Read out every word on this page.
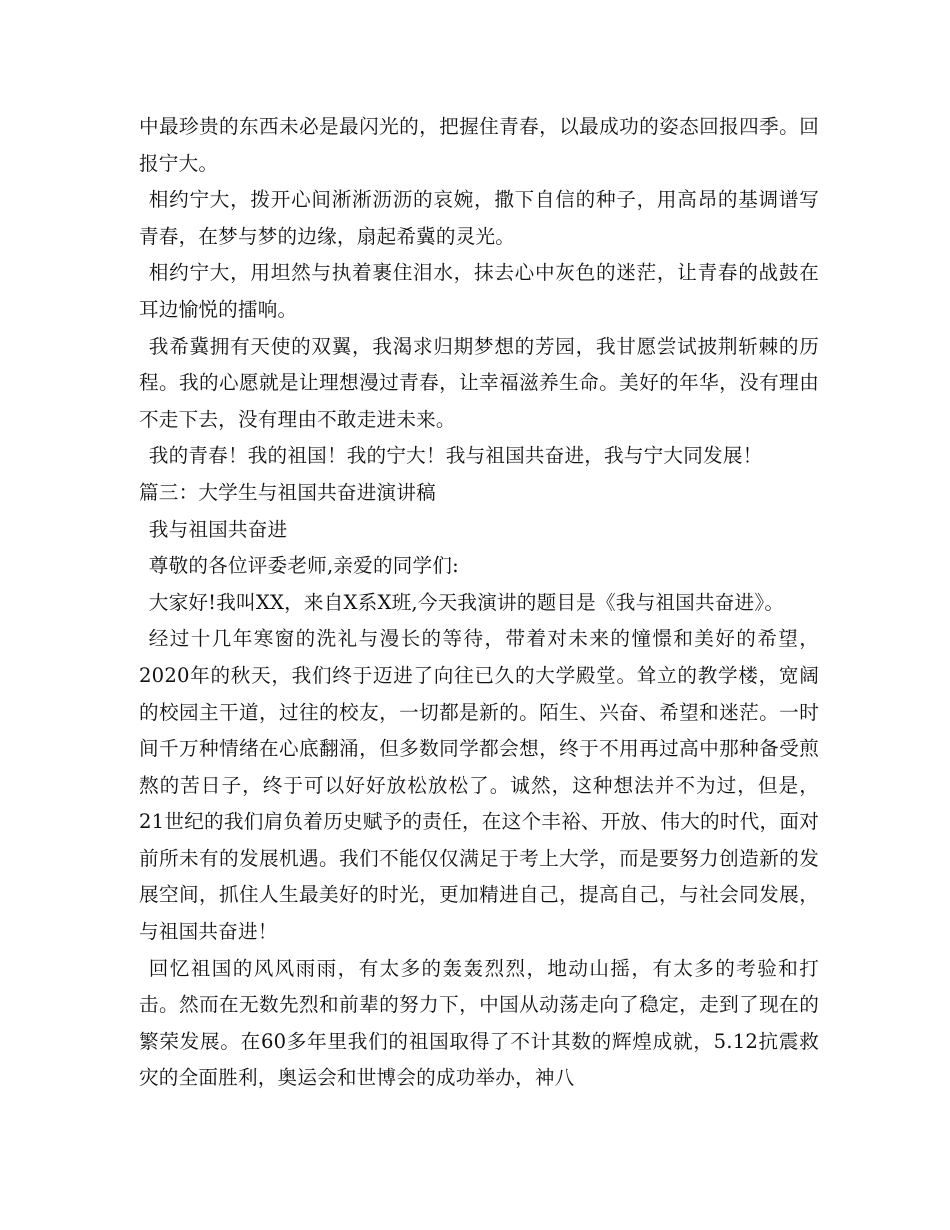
中最珍贵的东西未必是最闪光的，把握住青春，以最成功的姿态回报四季。回报宁大。

相约宁大，拨开心间淅淅沥沥的哀婉，撒下自信的种子，用高昂的基调谱写青春，在梦与梦的边缘，扇起希冀的灵光。

相约宁大，用坦然与执着裹住泪水，抹去心中灰色的迷茫，让青春的战鼓在耳边愉悦的擂响。

我希冀拥有天使的双翼，我渴求归期梦想的芳园，我甘愿尝试披荆斩棘的历程。我的心愿就是让理想漫过青春，让幸福滋养生命。美好的年华，没有理由不走下去，没有理由不敢走进未来。

我的青春！我的祖国！我的宁大！我与祖国共奋进，我与宁大同发展！

篇三：大学生与祖国共奋进演讲稿

我与祖国共奋进

尊敬的各位评委老师,亲爱的同学们:

大家好!我叫XX，来自X系X班,今天我演讲的题目是《我与祖国共奋进》。

经过十几年寒窗的洗礼与漫长的等待，带着对未来的憧憬和美好的希望，2020年的秋天，我们终于迈进了向往已久的大学殿堂。耸立的教学楼，宽阔的校园主干道，过往的校友，一切都是新的。陌生、兴奋、希望和迷茫。一时间千万种情绪在心底翻涌，但多数同学都会想，终于不用再过高中那种备受煎熬的苦日子，终于可以好好放松放松了。诚然，这种想法并不为过，但是， 21世纪的我们肩负着历史赋予的责任，在这个丰裕、开放、伟大的时代，面对前所未有的发展机遇。我们不能仅仅满足于考上大学，而是要努力创造新的发展空间，抓住人生最美好的时光，更加精进自己，提高自己，与社会同发展，与祖国共奋进！

回忆祖国的风风雨雨，有太多的轰轰烈烈，地动山摇，有太多的考验和打击。然而在无数先烈和前辈的努力下，中国从动荡走向了稳定，走到了现在的繁荣发展。在60多年里我们的祖国取得了不计其数的辉煌成就，5.12抗震救灾的全面胜利，奥运会和世博会的成功举办，神八
